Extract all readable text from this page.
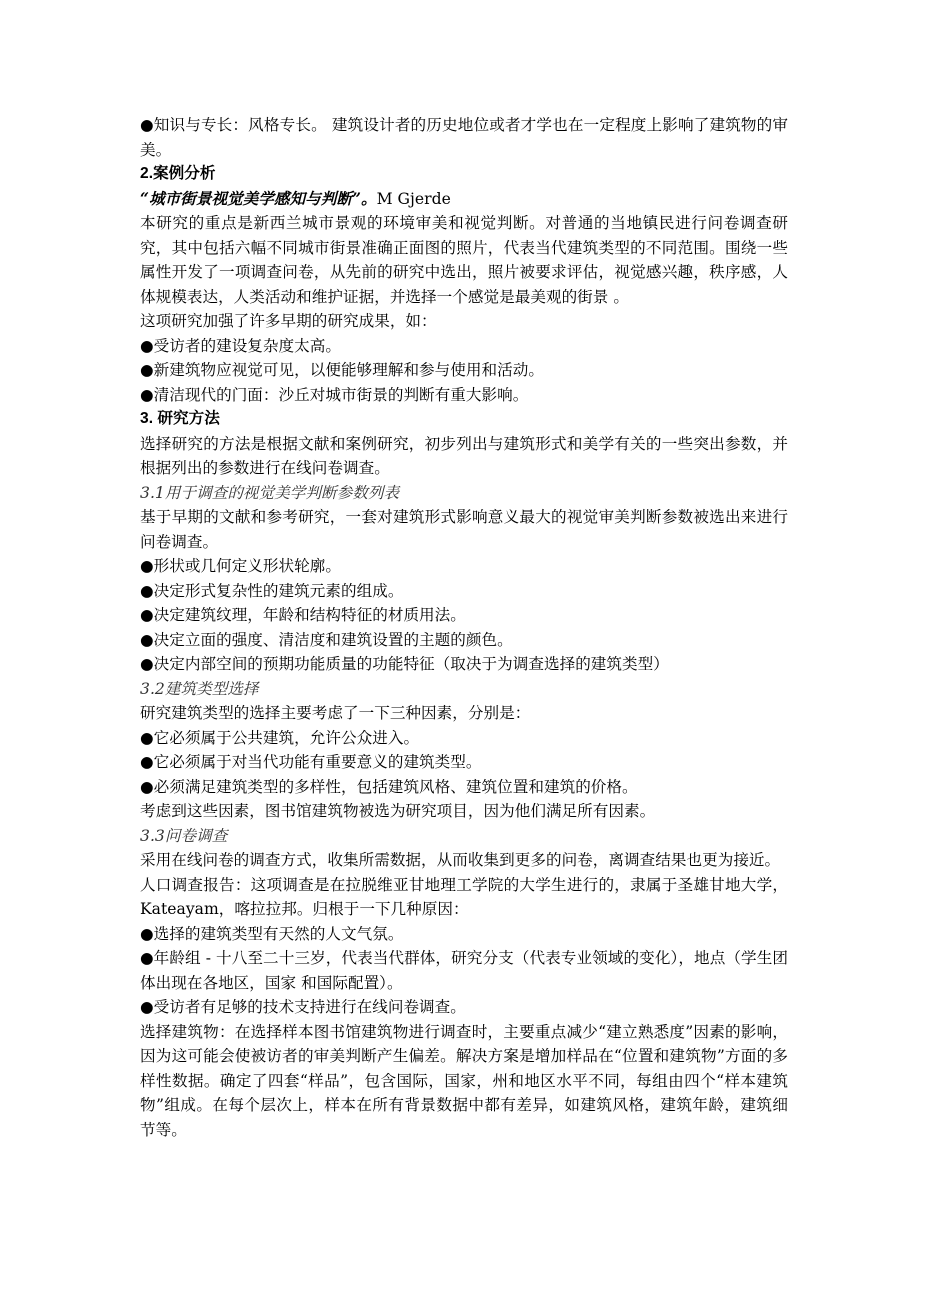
●知识与专长：风格专长。 建筑设计者的历史地位或者才学也在一定程度上影响了建筑物的审美。

2.案例分析

“城市街景视觉美学感知与判断”。M Gjerde

本研究的重点是新西兰城市景观的环境审美和视觉判断。对普通的当地镇民进行问卷调查研究，其中包括六幅不同城市街景准确正面图的照片，代表当代建筑类型的不同范围。围绕一些属性开发了一项调查问卷，从先前的研究中选出，照片被要求评估，视觉感兴趣，秩序感，人体规模表达，人类活动和维护证据，并选择一个感觉是最美观的街景 。

这项研究加强了许多早期的研究成果，如：

●受访者的建设复杂度太高。

●新建筑物应视觉可见，以便能够理解和参与使用和活动。

●清洁现代的门面：沙丘对城市街景的判断有重大影响。

3. 研究方法

选择研究的方法是根据文献和案例研究，初步列出与建筑形式和美学有关的一些突出参数，并根据列出的参数进行在线问卷调查。

3.1用于调查的视觉美学判断参数列表

基于早期的文献和参考研究，一套对建筑形式影响意义最大的视觉审美判断参数被选出来进行问卷调查。

●形状或几何定义形状轮廓。

●决定形式复杂性的建筑元素的组成。

●决定建筑纹理，年龄和结构特征的材质用法。

●决定立面的强度、清洁度和建筑设置的主题的颜色。

●决定内部空间的预期功能质量的功能特征（取决于为调查选择的建筑类型）

3.2建筑类型选择

研究建筑类型的选择主要考虑了一下三种因素，分别是：

●它必须属于公共建筑，允许公众进入。

●它必须属于对当代功能有重要意义的建筑类型。

●必须满足建筑类型的多样性，包括建筑风格、建筑位置和建筑的价格。

考虑到这些因素，图书馆建筑物被选为研究项目，因为他们满足所有因素。

3.3问卷调查

采用在线问卷的调查方式，收集所需数据，从而收集到更多的问卷，离调查结果也更为接近。

人口调查报告：这项调查是在拉脱维亚甘地理工学院的大学生进行的，隶属于圣雄甘地大学，Kateayam，喀拉拉邦。归根于一下几种原因：

●选择的建筑类型有天然的人文气氛。

●年龄组 - 十八至二十三岁，代表当代群体，研究分支（代表专业领域的变化），地点（学生团体出现在各地区，国家 和国际配置）。

●受访者有足够的技术支持进行在线问卷调查。

选择建筑物：在选择样本图书馆建筑物进行调查时，主要重点减少“建立熟悉度”因素的影响，因为这可能会使被访者的审美判断产生偏差。解决方案是增加样品在“位置和建筑物”方面的多样性数据。确定了四套“样品”，包含国际，国家，州和地区水平不同，每组由四个“样本建筑物”组成。在每个层次上，样本在所有背景数据中都有差异，如建筑风格，建筑年龄，建筑细节等。
